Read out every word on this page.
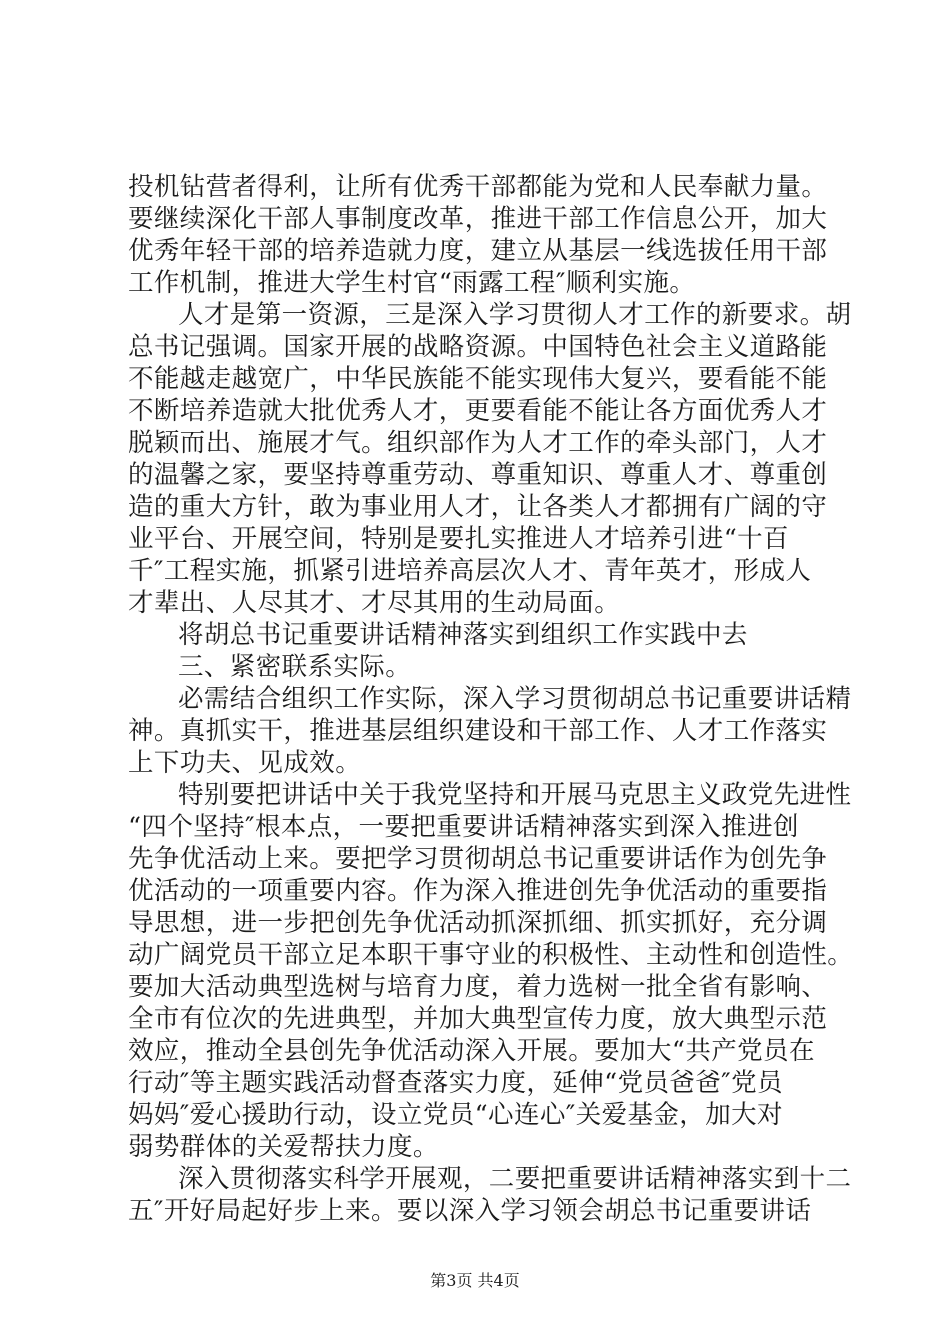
投机钻营者得利，让所有优秀干部都能为党和人民奉献力量。
要继续深化干部人事制度改革，推进干部工作信息公开，加大
优秀年轻干部的培养造就力度，建立从基层一线选拔任用干部
工作机制，推进大学生村官“雨露工程″顺利实施。
人才是第一资源，三是深入学习贯彻人才工作的新要求。胡
总书记强调。国家开展的战略资源。中国特色社会主义道路能
不能越走越宽广，中华民族能不能实现伟大复兴，要看能不能
不断培养造就大批优秀人才，更要看能不能让各方面优秀人才
脱颖而出、施展才气。组织部作为人才工作的牵头部门，人才
的温馨之家，要坚持尊重劳动、尊重知识、尊重人才、尊重创
造的重大方针，敢为事业用人才，让各类人才都拥有广阔的守
业平台、开展空间，特别是要扎实推进人才培养引进“十百
千″工程实施，抓紧引进培养高层次人才、青年英才，形成人
才辈出、人尽其才、才尽其用的生动局面。
将胡总书记重要讲话精神落实到组织工作实践中去
三、紧密联系实际。
必需结合组织工作实际，深入学习贯彻胡总书记重要讲话精
神。真抓实干，推进基层组织建设和干部工作、人才工作落实
上下功夫、见成效。
特别要把讲话中关于我党坚持和开展马克思主义政党先进性
“四个坚持″根本点，一要把重要讲话精神落实到深入推进创
先争优活动上来。要把学习贯彻胡总书记重要讲话作为创先争
优活动的一项重要内容。作为深入推进创先争优活动的重要指
导思想，进一步把创先争优活动抓深抓细、抓实抓好，充分调
动广阔党员干部立足本职干事守业的积极性、主动性和创造性。
要加大活动典型选树与培育力度，着力选树一批全省有影响、
全市有位次的先进典型，并加大典型宣传力度，放大典型示范
效应，推动全县创先争优活动深入开展。要加大“共产党员在
行动″等主题实践活动督查落实力度，延伸“党员爸爸″党员
妈妈″爱心援助行动，设立党员“心连心″关爱基金，加大对
弱势群体的关爱帮扶力度。
深入贯彻落实科学开展观，二要把重要讲话精神落实到十二
五″开好局起好步上来。要以深入学习领会胡总书记重要讲话
第3页 共4页
